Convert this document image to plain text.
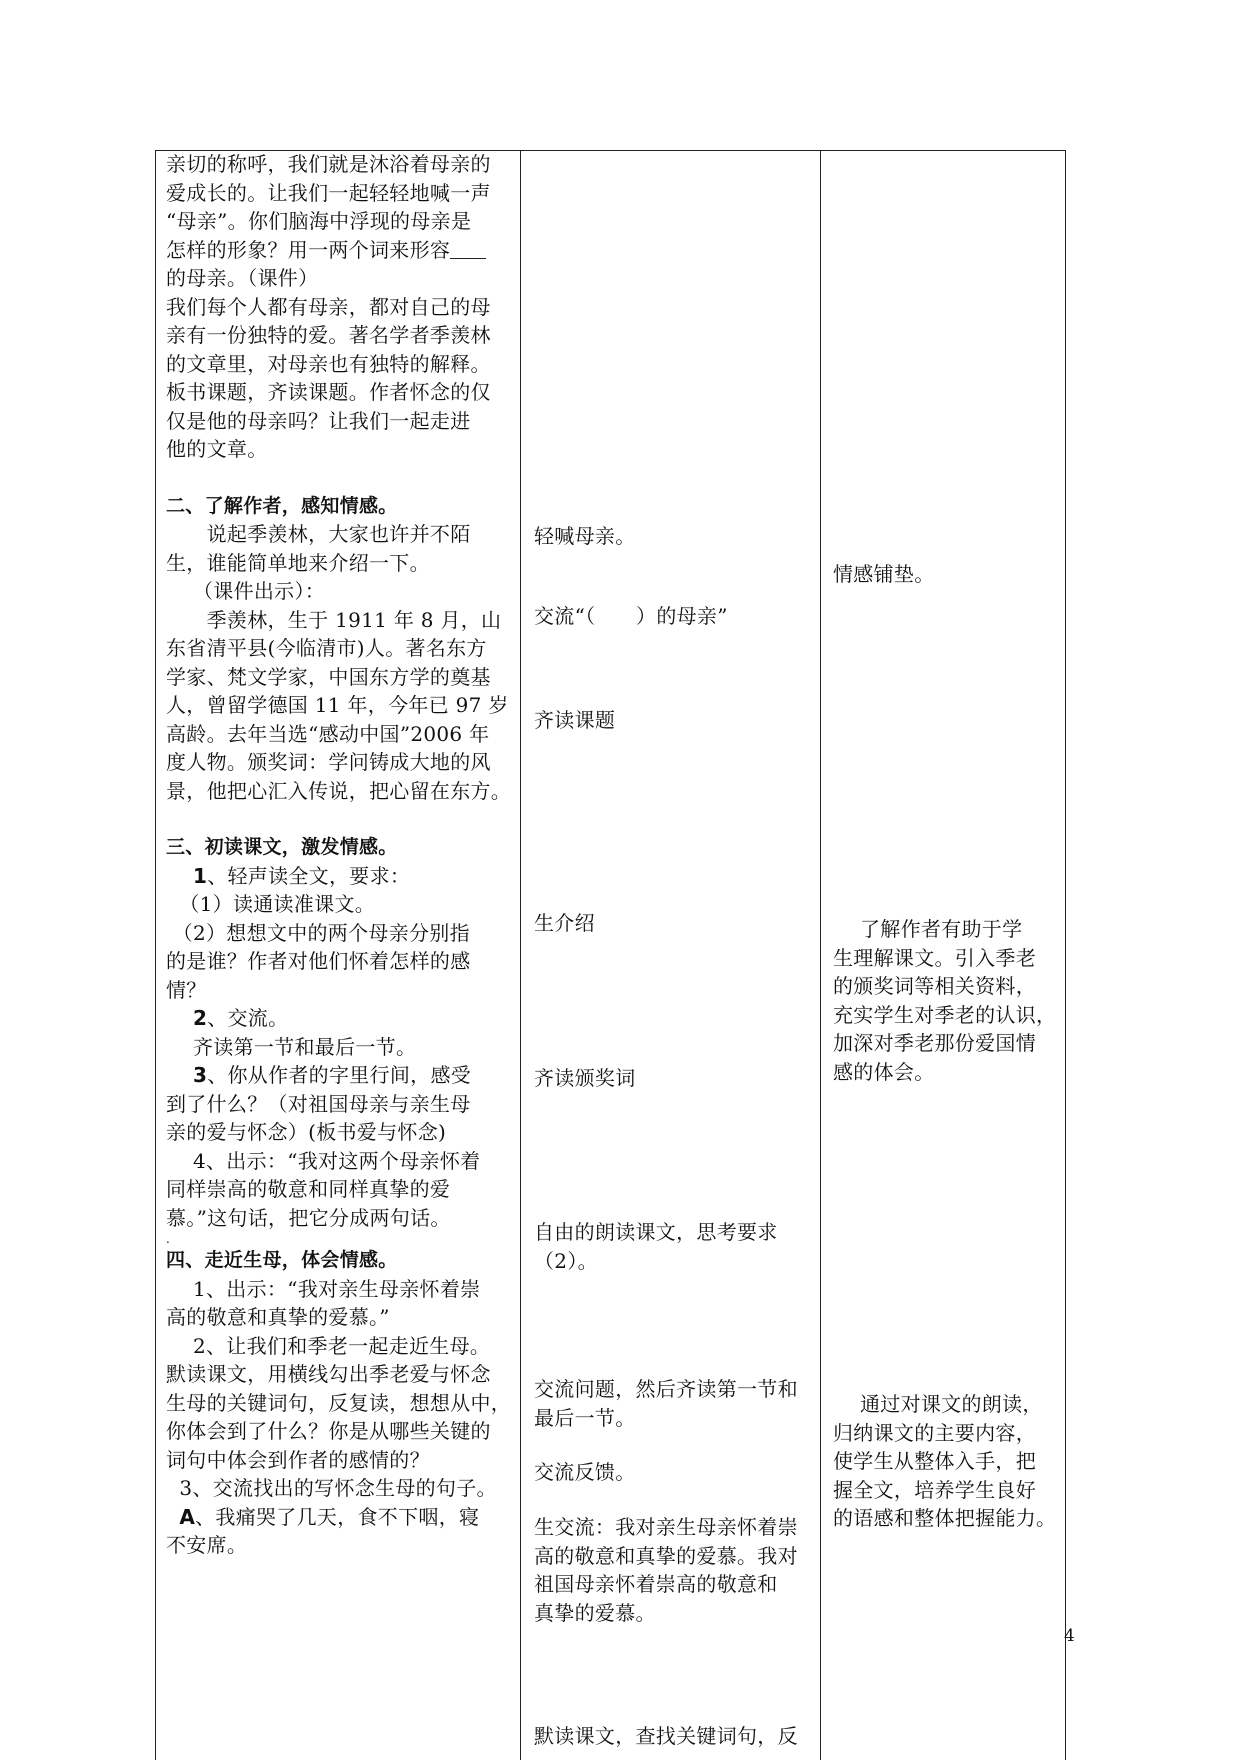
亲切的称呼，我们就是沐浴着母亲的

爱成长的。让我们一起轻轻地喊一声

“母亲”。你们脑海中浮现的母亲是

怎样的形象？用一两个词来形容

的母亲。（课件）

我们每个人都有母亲，都对自己的母

亲有一份独特的爱。著名学者季羡林

的文章里，对母亲也有独特的解释。

板书课题，齐读课题。作者怀念的仅

仅是他的母亲吗？让我们一起走进

他的文章。

二、了解作者，感知情感。

　　说起季羡林，大家也许并不陌

生，谁能简单地来介绍一下。

　 （课件出示）：

　　季羡林，生于 1911 年 8 月，山

东省清平县(今临清市)人。著名东方

学家、梵文学家，中国东方学的奠基

人，曾留学德国 11 年，今年已 97 岁

高龄。去年当选“感动中国”2006 年

度人物。颁奖词：学问铸成大地的风

景，他把心汇入传说，把心留在东方。

三、初读课文，激发情感。

　 1、轻声读全文，要求：

（1）读通读准课文。

（2）想想文中的两个母亲分别指

的是谁？作者对他们怀着怎样的感

情？

　 2、交流。

　 齐读第一节和最后一节。

　 3、你从作者的字里行间，感受

到了什么？（对祖国母亲与亲生母

亲的爱与怀念）(板书爱与怀念)

　 4、出示：“我对这两个母亲怀着

同样崇高的敬意和同样真挚的爱

慕。”这句话，把它分成两句话。

.

四、走近生母，体会情感。

　 1、出示：“我对亲生母亲怀着崇

高的敬意和真挚的爱慕。”

　 2、让我们和季老一起走近生母。

默读课文，用横线勾出季老爱与怀念

生母的关键词句，反复读，想想从中，

你体会到了什么？你是从哪些关键的

词句中体会到作者的感情的？

3、交流找出的写怀念生母的句子。

A、我痛哭了几天，食不下咽，寝

不安席。

轻喊母亲。

交流“（　　）的母亲”

齐读课题

生介绍

齐读颁奖词

自由的朗读课文，思考要求

（2）。

交流问题，然后齐读第一节和

最后一节。

交流反馈。

生交流：我对亲生母亲怀着崇

高的敬意和真挚的爱慕。我对

祖国母亲怀着崇高的敬意和

真挚的爱慕。

默读课文，查找关键词句，反

情感铺垫。

　 了解作者有助于学

生理解课文。引入季老

的颁奖词等相关资料，

充实学生对季老的认识，

加深对季老那份爱国情

感的体会。

　 通过对课文的朗读，

归纳课文的主要内容，

使学生从整体入手，把

握全文，培养学生良好

的语感和整体把握能力。

4
